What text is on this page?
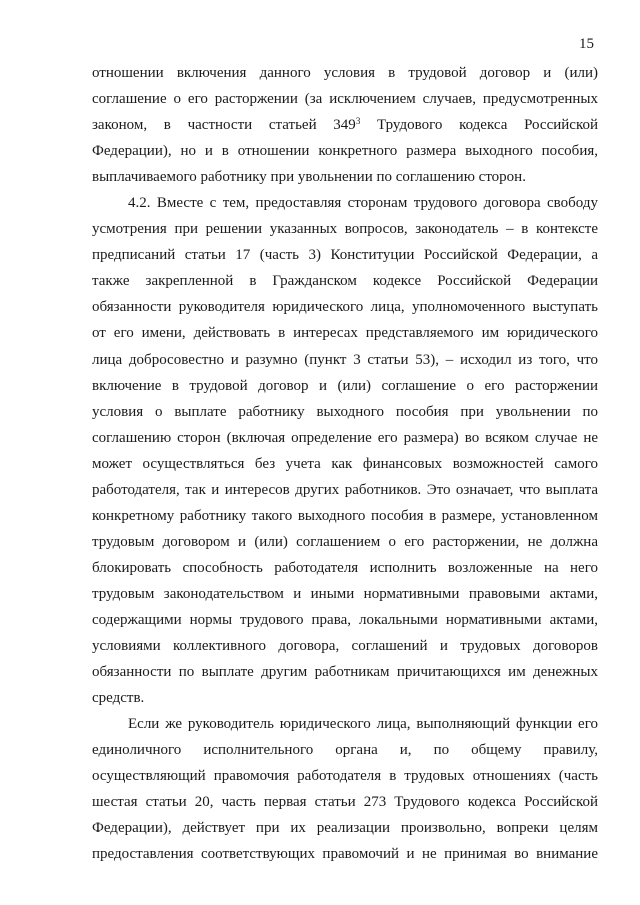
15
отношении включения данного условия в трудовой договор и (или)
соглашение о его расторжении (за исключением случаев, предусмотренных
законом, в частности статьей $349^3$ Трудового кодекса Российской
Федерации), но и в отношении конкретного размера выходного пособия,
выплачиваемого работнику при увольнении по соглашению сторон.
4.2. Вместе с тем, предоставляя сторонам трудового договора свободу
усмотрения при решении указанных вопросов, законодатель – в контексте
предписаний статьи 17 (часть 3) Конституции Российской Федерации, а
также закрепленной в Гражданском кодексе Российской Федерации
обязанности руководителя юридического лица, уполномоченного выступать
от его имени, действовать в интересах представляемого им юридического
лица добросовестно и разумно (пункт 3 статьи 53), – исходил из того, что
включение в трудовой договор и (или) соглашение о его расторжении
условия о выплате работнику выходного пособия при увольнении по
соглашению сторон (включая определение его размера) во всяком случае не
может осуществляться без учета как финансовых возможностей самого
работодателя, так и интересов других работников. Это означает, что выплата
конкретному работнику такого выходного пособия в размере, установленном
трудовым договором и (или) соглашением о его расторжении, не должна
блокировать способность работодателя исполнить возложенные на него
трудовым законодательством и иными нормативными правовыми актами,
содержащими нормы трудового права, локальными нормативными актами,
условиями коллективного договора, соглашений и трудовых договоров
обязанности по выплате другим работникам причитающихся им денежных
средств.
Если же руководитель юридического лица, выполняющий функции его
единоличного исполнительного органа и, по общему правилу,
осуществляющий правомочия работодателя в трудовых отношениях (часть
шестая статьи 20, часть первая статьи 273 Трудового кодекса Российской
Федерации), действует при их реализации произвольно, вопреки целям
предоставления соответствующих правомочий и не принимая во внимание
